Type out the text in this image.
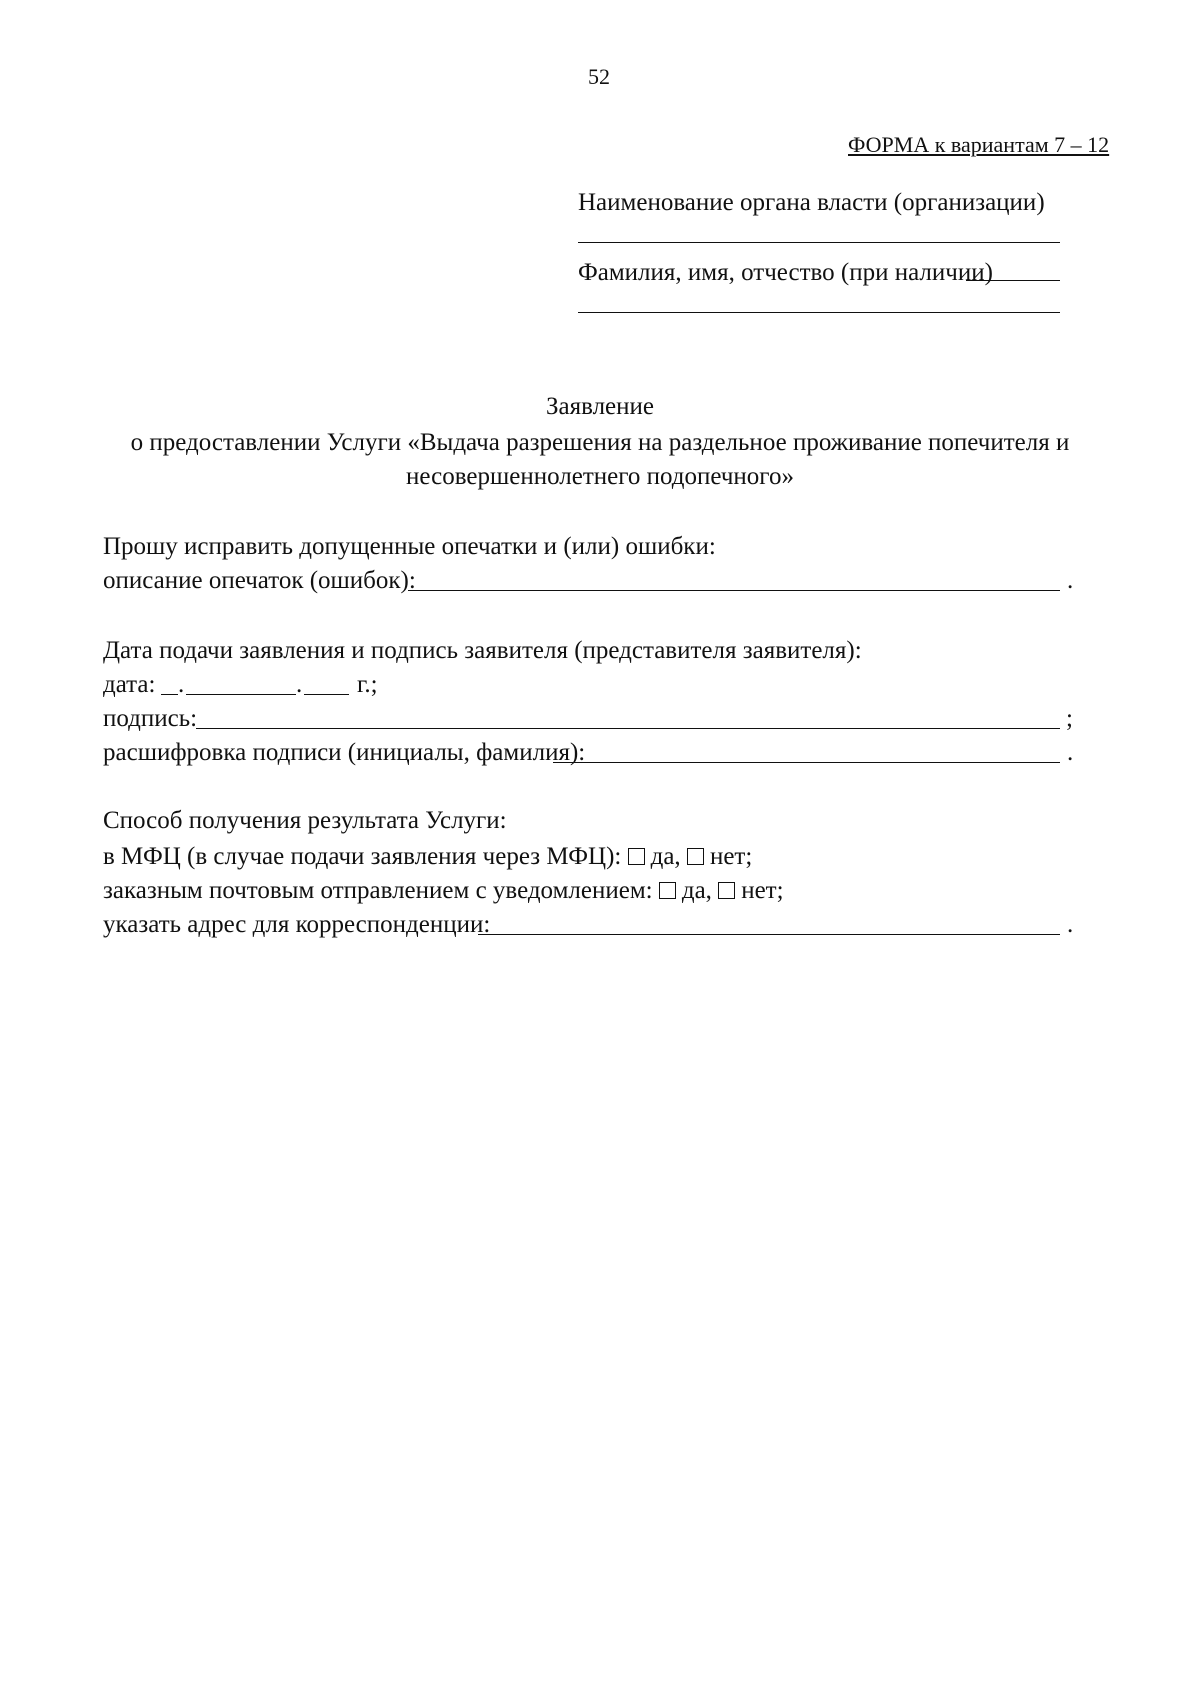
52
ФОРМА к вариантам 7 – 12
Наименование органа власти (организации)
Фамилия, имя, отчество (при наличии)
Заявление
о предоставлении Услуги «Выдача разрешения на раздельное проживание попечителя и
несовершеннолетнего подопечного»
Прошу исправить допущенные опечатки и (или) ошибки:
описание опечаток (ошибок):	.
Дата подачи заявления и подпись заявителя (представителя заявителя):
дата: .	. г.;
подпись:	;
расшифровка подписи (инициалы, фамилия):	.
Способ получения результата Услуги:
в МФЦ (в случае подачи заявления через МФЦ): да, нет;
заказным почтовым отправлением с уведомлением: да, нет;
указать адрес для корреспонденции:	.
